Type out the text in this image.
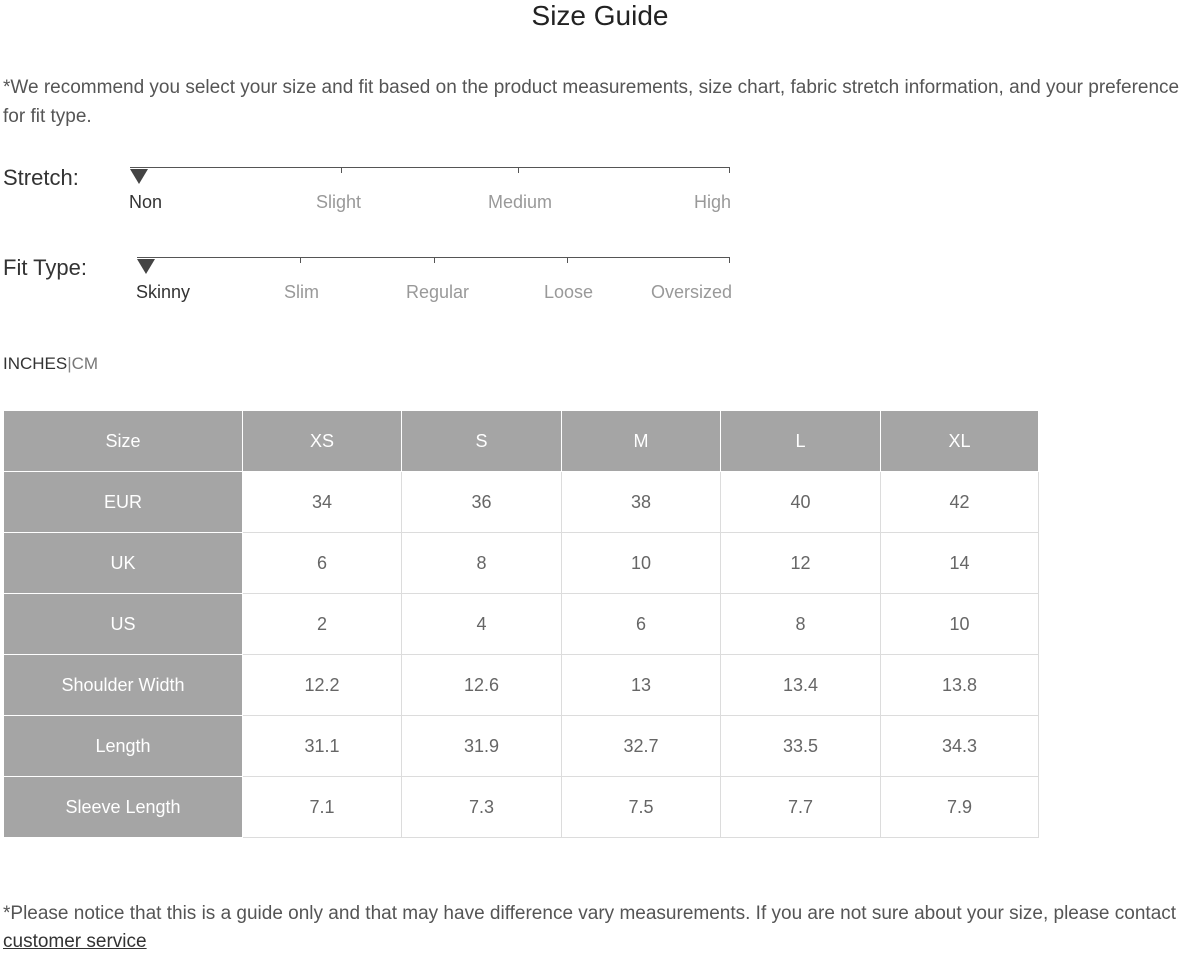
Size Guide
*We recommend you select your size and fit based on the product measurements, size chart, fabric stretch information, and your preference for fit type.
Stretch:
Non	Slight	Medium	High
Fit Type:
Skinny	Slim	Regular	Loose	Oversized
INCHES|CM
Size	XS	S	M	L	XL
EUR	34	36	38	40	42
UK	6	8	10	12	14
US	2	4	6	8	10
Shoulder Width	12.2	12.6	13	13.4	13.8
Length	31.1	31.9	32.7	33.5	34.3
Sleeve Length	7.1	7.3	7.5	7.7	7.9
*Please notice that this is a guide only and that may have difference vary measurements. If you are not sure about your size, please contact customer service
